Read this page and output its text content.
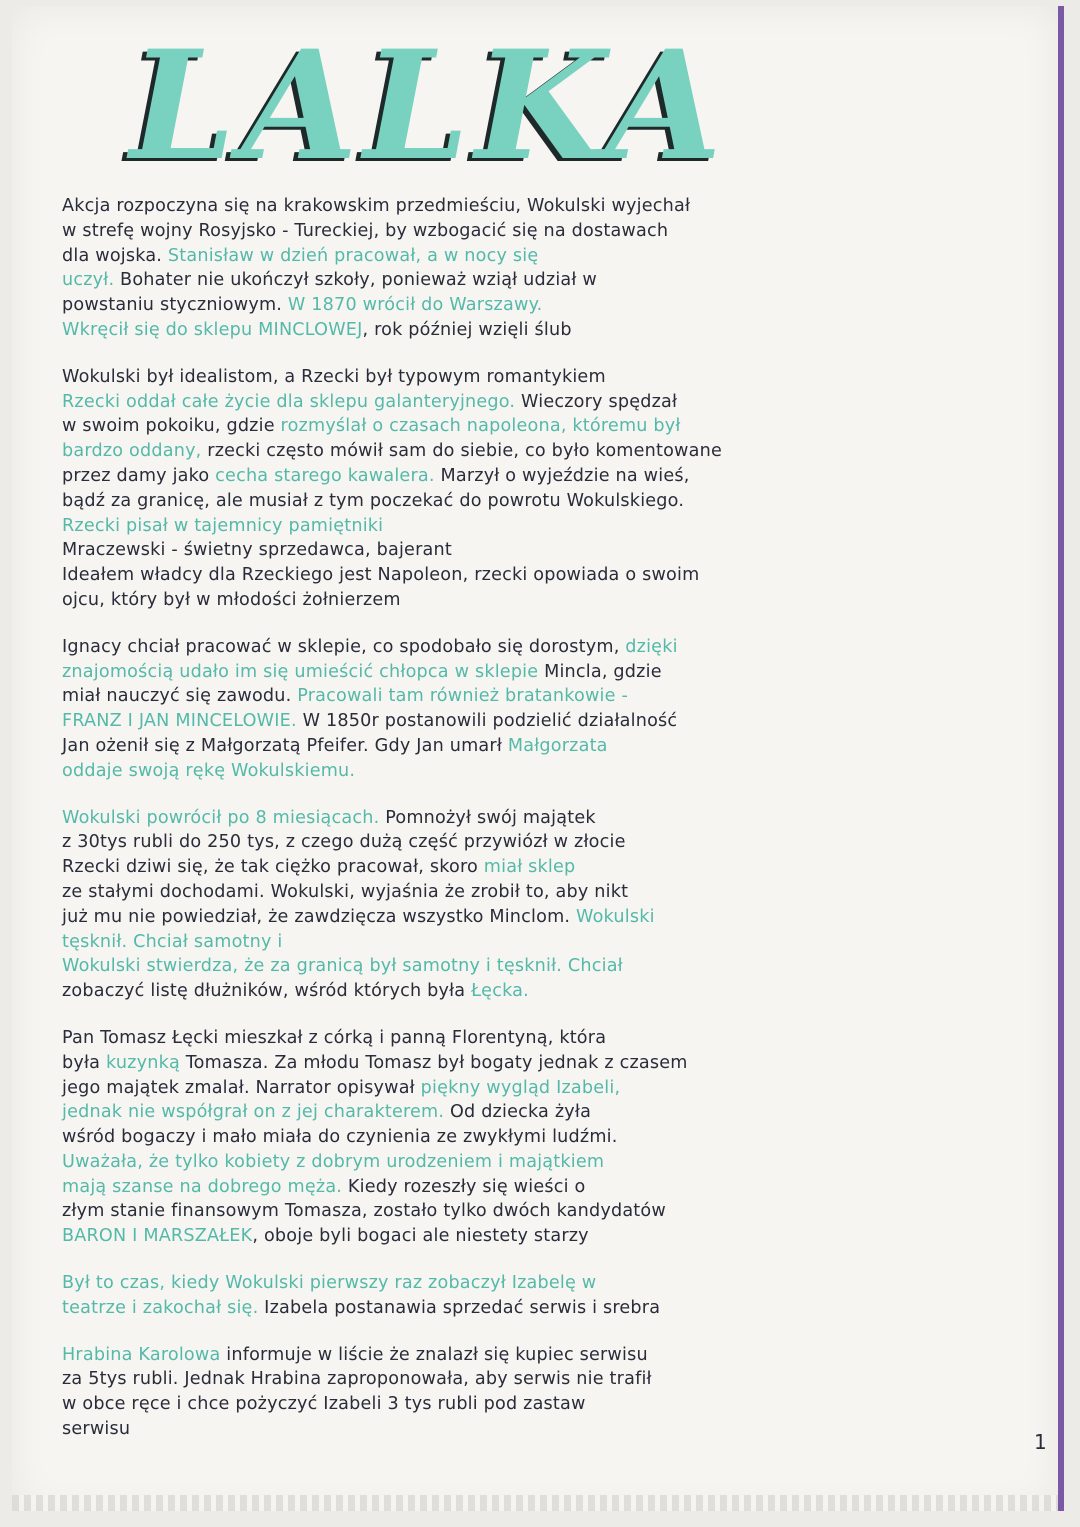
LALKA
Akcja rozpoczyna się na krakowskim przedmieściu, Wokulski wyjechał
w strefę wojny Rosyjsko - Tureckiej, by wzbogacić się na dostawach
dla wojska. Stanisław w dzień pracował, a w nocy się
uczył. Bohater nie ukończył szkoły, ponieważ wziął udział w
powstaniu styczniowym. W 1870 wrócił do Warszawy.
Wkręcił się do sklepu MINCLOWEJ, rok później wzięli ślub
Wokulski był idealistom, a Rzecki był typowym romantykiem
Rzecki oddał całe życie dla sklepu galanteryjnego. Wieczory spędzał
w swoim pokoiku, gdzie rozmyślał o czasach napoleona, któremu był
bardzo oddany, rzecki często mówił sam do siebie, co było komentowane
przez damy jako cecha starego kawalera. Marzył o wyjeździe na wieś,
bądź za granicę, ale musiał z tym poczekać do powrotu Wokulskiego.
Rzecki pisał w tajemnicy pamiętniki
Mraczewski - świetny sprzedawca, bajerant
Ideałem władcy dla Rzeckiego jest Napoleon, rzecki opowiada o swoim
ojcu, który był w młodości żołnierzem
Ignacy chciał pracować w sklepie, co spodobało się dorostym, dzięki
znajomością udało im się umieścić chłopca w sklepie Mincla, gdzie
miał nauczyć się zawodu. Pracowali tam również bratankowie -
FRANZ I JAN MINCELOWIE. W 1850r postanowili podzielić działalność
Jan ożenił się z Małgorzatą Pfeifer. Gdy Jan umarł Małgorzata
oddaje swoją rękę Wokulskiemu.
Wokulski powrócił po 8 miesiącach. Pomnożył swój majątek
z 30tys rubli do 250 tys, z czego dużą część przywiózł w złocie
Rzecki dziwi się, że tak ciężko pracował, skoro miał sklep
ze stałymi dochodami. Wokulski, wyjaśnia że zrobił to, aby nikt
już mu nie powiedział, że zawdzięcza wszystko Minclom. Wokulski
tęsknił. Chciał samotny i
Wokulski stwierdza, że za granicą był samotny i tęsknił. Chciał
zobaczyć listę dłużników, wśród których była Łęcka.
Pan Tomasz Łęcki mieszkał z córką i panną Florentyną, która
była kuzynką Tomasza. Za młodu Tomasz był bogaty jednak z czasem
jego majątek zmalał. Narrator opisywał piękny wygląd Izabeli,
jednak nie współgrał on z jej charakterem. Od dziecka żyła
wśród bogaczy i mało miała do czynienia ze zwykłymi ludźmi.
Uważała, że tylko kobiety z dobrym urodzeniem i majątkiem
mają szanse na dobrego męża. Kiedy rozeszły się wieści o
złym stanie finansowym Tomasza, zostało tylko dwóch kandydatów
BARON I MARSZAŁEK, oboje byli bogaci ale niestety starzy
Był to czas, kiedy Wokulski pierwszy raz zobaczył Izabelę w
teatrze i zakochał się. Izabela postanawia sprzedać serwis i srebra
Hrabina Karolowa informuje w liście że znalazł się kupiec serwisu
za 5tys rubli. Jednak Hrabina zaproponowała, aby serwis nie trafił
w obce ręce i chce pożyczyć Izabeli 3 tys rubli pod zastaw
serwisu
1
